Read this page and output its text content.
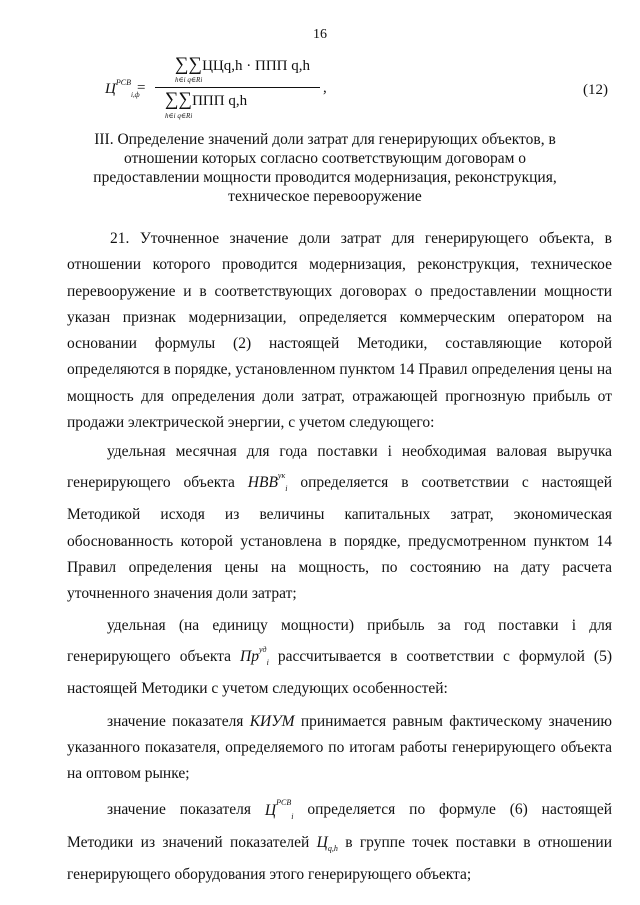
16
$Ц^{РСВ}_{i,ф}$
=
∑∑ЦЦq,h · ППП q,h
h∈i q∈Ri
∑∑ППП q,h
h∈i q∈Ri
,	(12)
III. Определение значений доли затрат для генерирующих объектов, в отношении которых согласно соответствующим договорам о предоставлении мощности проводится модернизация, реконструкция, техническое перевооружение

21. Уточненное значение доли затрат для генерирующего объекта, в отношении которого проводится модернизация, реконструкция, техническое перевооружение и в соответствующих договорах о предоставлении мощности указан признак модернизации, определяется коммерческим оператором на основании формулы (2) настоящей Методики, составляющие которой определяются в порядке, установленном пунктом 14 Правил определения цены на мощность для определения доли затрат, отражающей прогнозную прибыль от продажи электрической энергии, с учетом следующего:

удельная месячная для года поставки i необходимая валовая выручка генерирующего объекта $НВВ^{ук}_i$ определяется в соответствии с настоящей Методикой исходя из величины капитальных затрат, экономическая обоснованность которой установлена в порядке, предусмотренном пунктом 14 Правил определения цены на мощность, по состоянию на дату расчета уточненного значения доли затрат;

удельная (на единицу мощности) прибыль за год поставки i для генерирующего объекта $Пр^{уд}_i$ рассчитывается в соответствии с формулой (5) настоящей Методики с учетом следующих особенностей:

значение показателя КИУМ принимается равным фактическому значению указанного показателя, определяемого по итогам работы генерирующего объекта на оптовом рынке;

значение показателя $Ц^{РСВ}_i$ определяется по формуле (6) настоящей Методики из значений показателей $Ц_{q,h}$ в группе точек поставки в отношении генерирующего оборудования этого генерирующего объекта;
